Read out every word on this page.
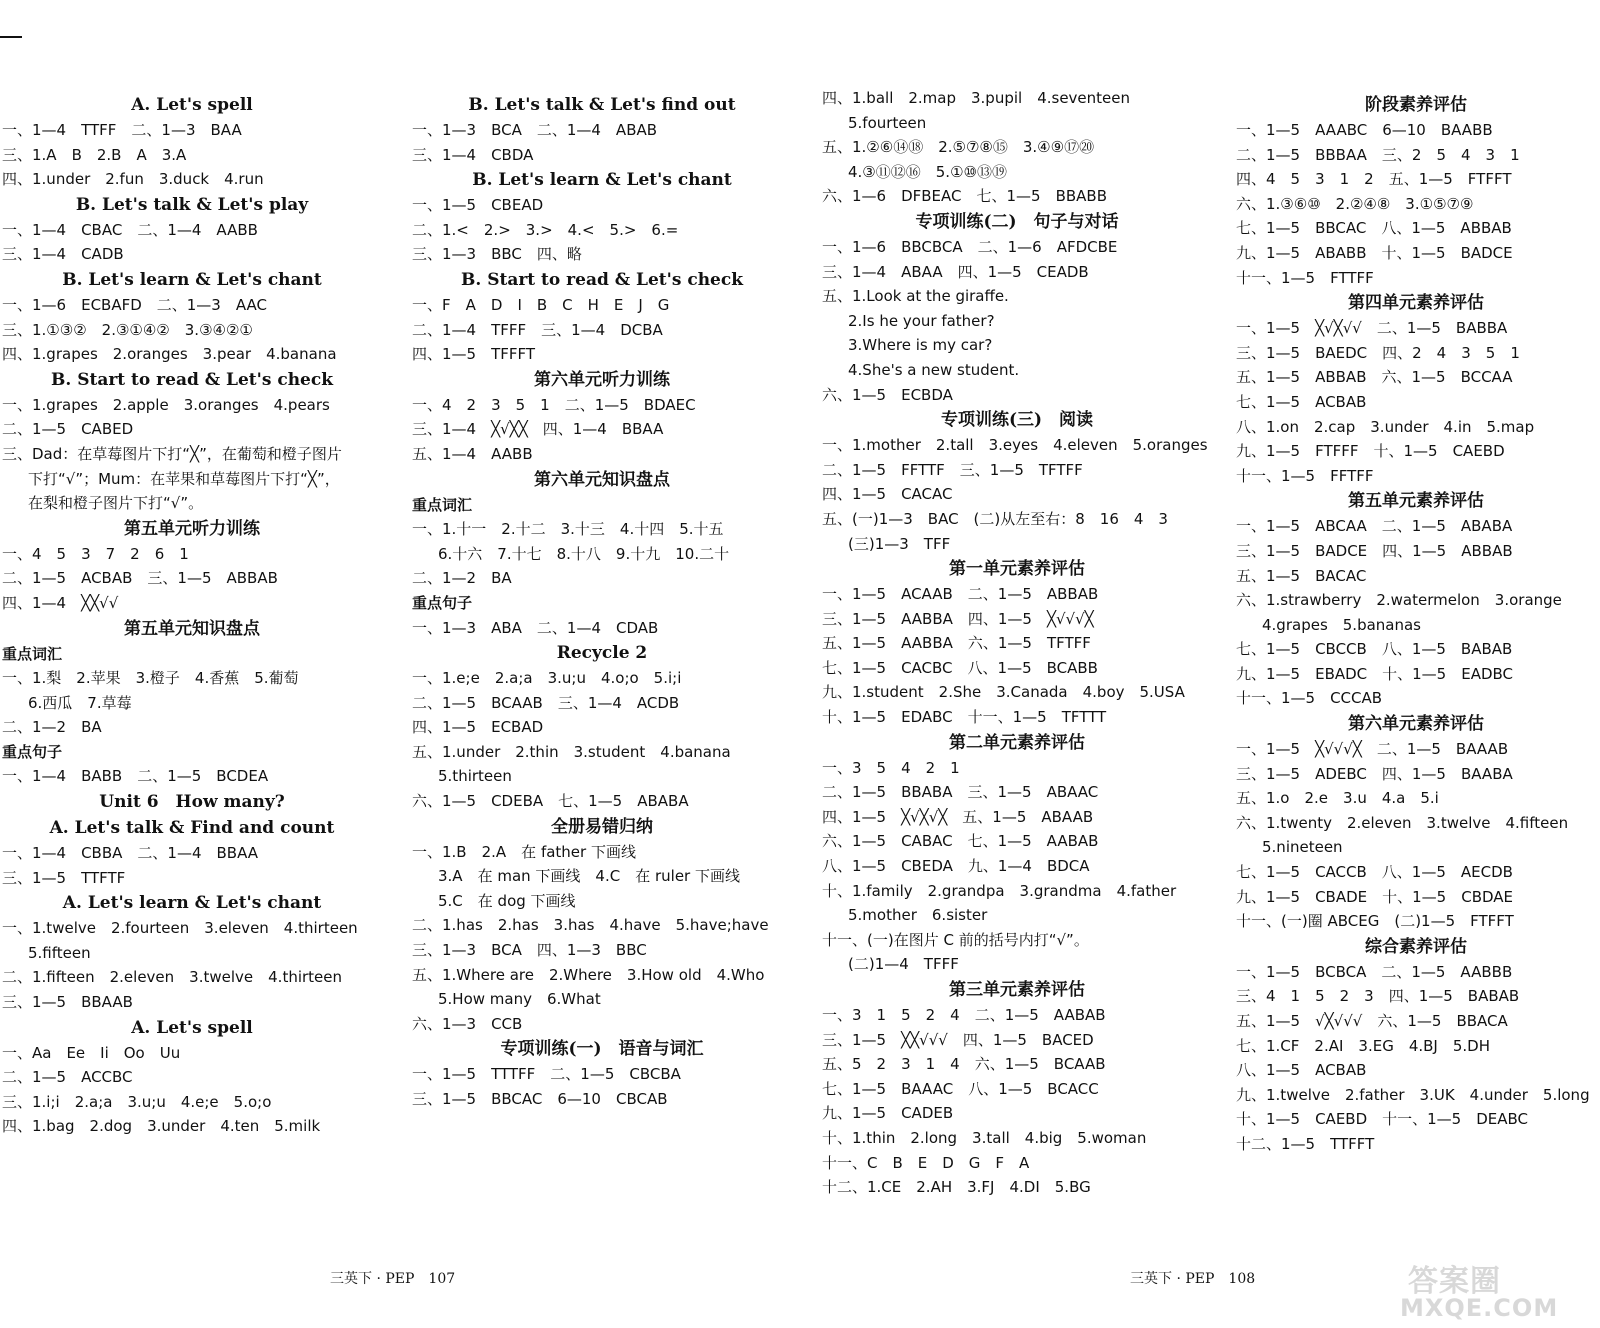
A. Let's spell
一、1—4　TTFF　二、1—3　BAA
三、1.A　B　2.B　A　3.A
四、1.under　2.fun　3.duck　4.run
B. Let's talk & Let's play
一、1—4　CBAC　二、1—4　AABB
三、1—4　CADB
B. Let's learn & Let's chant
一、1—6　ECBAFD　二、1—3　AAC
三、1.①③②　2.③①④②　3.③④②①
四、1.grapes　2.oranges　3.pear　4.banana
B. Start to read & Let's check
一、1.grapes　2.apple　3.oranges　4.pears
二、1—5　CABED
三、Dad：在草莓图片下打“╳”，在葡萄和橙子图片
下打“√”；Mum：在苹果和草莓图片下打“╳”，
在梨和橙子图片下打“√”。
第五单元听力训练
一、4　5　3　7　2　6　1
二、1—5　ACBAB　三、1—5　ABBAB
四、1—4　╳╳√√
第五单元知识盘点
重点词汇
一、1.梨　2.苹果　3.橙子　4.香蕉　5.葡萄
6.西瓜　7.草莓
二、1—2　BA
重点句子
一、1—4　BABB　二、1—5　BCDEA
Unit 6　How many?
A. Let's talk & Find and count
一、1—4　CBBA　二、1—4　BBAA
三、1—5　TTFTF
A. Let's learn & Let's chant
一、1.twelve　2.fourteen　3.eleven　4.thirteen
5.fifteen
二、1.fifteen　2.eleven　3.twelve　4.thirteen
三、1—5　BBAAB
A. Let's spell
一、Aa　Ee　Ii　Oo　Uu
二、1—5　ACCBC
三、1.i;i　2.a;a　3.u;u　4.e;e　5.o;o
四、1.bag　2.dog　3.under　4.ten　5.milk
B. Let's talk & Let's find out
一、1—3　BCA　二、1—4　ABAB
三、1—4　CBDA
B. Let's learn & Let's chant
一、1—5　CBEAD
二、1.<　2.>　3.>　4.<　5.>　6.=
三、1—3　BBC　四、略
B. Start to read & Let's check
一、F　A　D　I　B　C　H　E　J　G
二、1—4　TFFF　三、1—4　DCBA
四、1—5　TFFFT
第六单元听力训练
一、4　2　3　5　1　二、1—5　BDAEC
三、1—4　╳√╳╳　四、1—4　BBAA
五、1—4　AABB
第六单元知识盘点
重点词汇
一、1.十一　2.十二　3.十三　4.十四　5.十五
6.十六　7.十七　8.十八　9.十九　10.二十
二、1—2　BA
重点句子
一、1—3　ABA　二、1—4　CDAB
Recycle 2
一、1.e;e　2.a;a　3.u;u　4.o;o　5.i;i
二、1—5　BCAAB　三、1—4　ACDB
四、1—5　ECBAD
五、1.under　2.thin　3.student　4.banana
5.thirteen
六、1—5　CDEBA　七、1—5　ABABA
全册易错归纳
一、1.B　2.A　在 father 下画线
3.A　在 man 下画线　4.C　在 ruler 下画线
5.C　在 dog 下画线
二、1.has　2.has　3.has　4.have　5.have;have
三、1—3　BCA　四、1—3　BBC
五、1.Where are　2.Where　3.How old　4.Who
5.How many　6.What
六、1—3　CCB
专项训练(一)　语音与词汇
一、1—5　TTTFF　二、1—5　CBCBA
三、1—5　BBCAC　6—10　CBCAB
四、1.ball　2.map　3.pupil　4.seventeen
5.fourteen
五、1.②⑥⑭⑱　2.⑤⑦⑧⑮　3.④⑨⑰⑳
4.③⑪⑫⑯　5.①⑩⑬⑲
六、1—6　DFBEAC　七、1—5　BBABB
专项训练(二)　句子与对话
一、1—6　BBCBCA　二、1—6　AFDCBE
三、1—4　ABAA　四、1—5　CEADB
五、1.Look at the giraffe.
2.Is he your father?
3.Where is my car?
4.She's a new student.
六、1—5　ECBDA
专项训练(三)　阅读
一、1.mother　2.tall　3.eyes　4.eleven　5.oranges
二、1—5　FFTTF　三、1—5　TFTFF
四、1—5　CACAC
五、(一)1—3　BAC　(二)从左至右：8　16　4　3
(三)1—3　TFF
第一单元素养评估
一、1—5　ACAAB　二、1—5　ABBAB
三、1—5　AABBA　四、1—5　╳√√√╳
五、1—5　AABBA　六、1—5　TFTFF
七、1—5　CACBC　八、1—5　BCABB
九、1.student　2.She　3.Canada　4.boy　5.USA
十、1—5　EDABC　十一、1—5　TFTTT
第二单元素养评估
一、3　5　4　2　1
二、1—5　BBABA　三、1—5　ABAAC
四、1—5　╳√╳√╳　五、1—5　ABAAB
六、1—5　CABAC　七、1—5　AABAB
八、1—5　CBEDA　九、1—4　BDCA
十、1.family　2.grandpa　3.grandma　4.father
5.mother　6.sister
十一、(一)在图片 C 前的括号内打“√”。
(二)1—4　TFFF
第三单元素养评估
一、3　1　5　2　4　二、1—5　AABAB
三、1—5　╳╳√√√　四、1—5　BACED
五、5　2　3　1　4　六、1—5　BCAAB
七、1—5　BAAAC　八、1—5　BCACC
九、1—5　CADEB
十、1.thin　2.long　3.tall　4.big　5.woman
十一、C　B　E　D　G　F　A
十二、1.CE　2.AH　3.FJ　4.DI　5.BG
阶段素养评估
一、1—5　AAABC　6—10　BAABB
二、1—5　BBBAA　三、2　5　4　3　1
四、4　5　3　1　2　五、1—5　FTFFT
六、1.③⑥⑩　2.②④⑧　3.①⑤⑦⑨
七、1—5　BBCAC　八、1—5　ABBAB
九、1—5　ABABB　十、1—5　BADCE
十一、1—5　FTTFF
第四单元素养评估
一、1—5　╳√╳√√　二、1—5　BABBA
三、1—5　BAEDC　四、2　4　3　5　1
五、1—5　ABBAB　六、1—5　BCCAA
七、1—5　ACBAB
八、1.on　2.cap　3.under　4.in　5.map
九、1—5　FTFFF　十、1—5　CAEBD
十一、1—5　FFTFF
第五单元素养评估
一、1—5　ABCAA　二、1—5　ABABA
三、1—5　BADCE　四、1—5　ABBAB
五、1—5　BACAC
六、1.strawberry　2.watermelon　3.orange
4.grapes　5.bananas
七、1—5　CBCCB　八、1—5　BABAB
九、1—5　EBADC　十、1—5　EADBC
十一、1—5　CCCAB
第六单元素养评估
一、1—5　╳√√√╳　二、1—5　BAAAB
三、1—5　ADEBC　四、1—5　BAABA
五、1.o　2.e　3.u　4.a　5.i
六、1.twenty　2.eleven　3.twelve　4.fifteen
5.nineteen
七、1—5　CACCB　八、1—5　AECDB
九、1—5　CBADE　十、1—5　CBDAE
十一、(一)圈 ABCEG　(二)1—5　FTFFT
综合素养评估
一、1—5　BCBCA　二、1—5　AABBB
三、4　1　5　2　3　四、1—5　BABAB
五、1—5　√╳√√√　六、1—5　BBACA
七、1.CF　2.AI　3.EG　4.BJ　5.DH
八、1—5　ACBAB
九、1.twelve　2.father　3.UK　4.under　5.long
十、1—5　CAEBD　十一、1—5　DEABC
十二、1—5　TTFFT
三英下 · PEP　107	三英下 · PEP　108	答案圈
MXQE.COM
